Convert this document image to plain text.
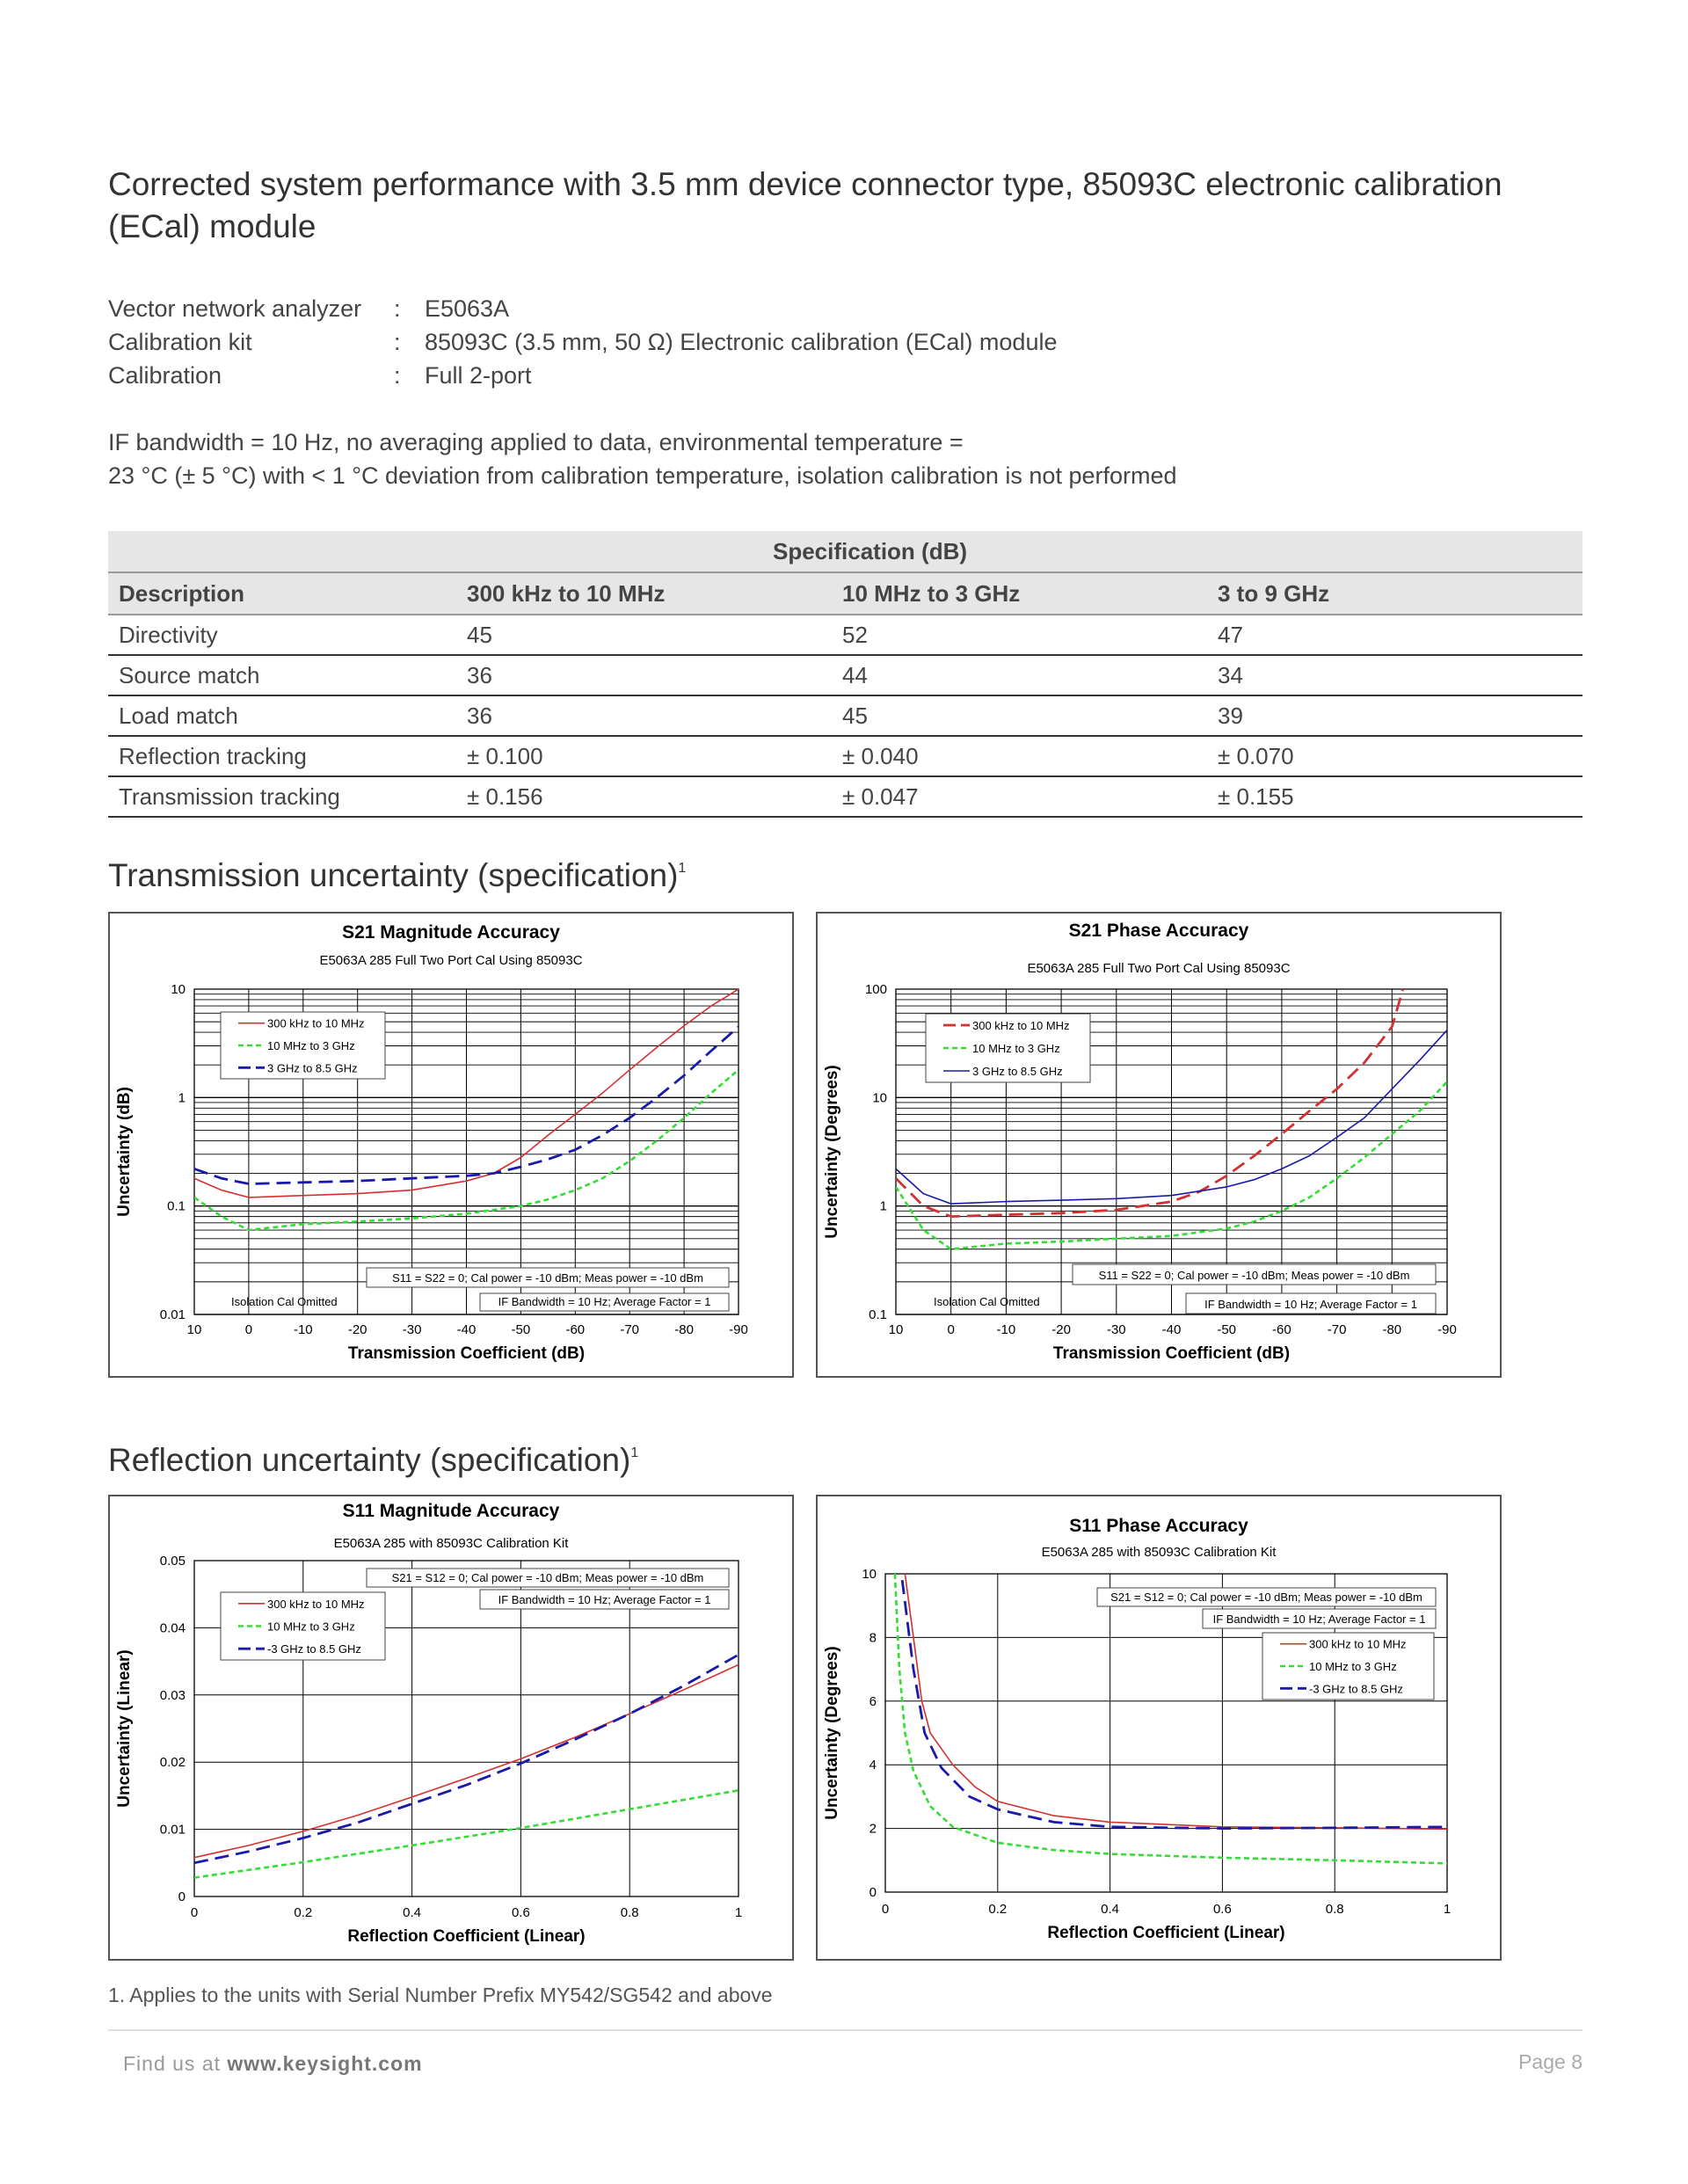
Corrected system performance with 3.5 mm device connector type, 85093C electronic calibration (ECal) module
Vector network analyzer	: E5063A
Calibration kit	: 85093C (3.5 mm, 50 Ω) Electronic calibration (ECal) module
Calibration	: Full 2-port
IF bandwidth = 10 Hz, no averaging applied to data, environmental temperature =
23 °C (± 5 °C) with < 1 °C deviation from calibration temperature, isolation calibration is not performed
	Specification (dB)		
Description	300 kHz to 10 MHz	10 MHz to 3 GHz	3 to 9 GHz
Directivity	45	52	47
Source match	36	44	34
Load match	36	45	39
Reflection tracking	± 0.100	± 0.040	± 0.070
Transmission tracking	± 0.156	± 0.047	± 0.155
Transmission uncertainty (specification)$^1$
10	0	-10	-20	-30	-40	-50	-60	-70	-80	-90
10
1
0.1
0.01
S21 Magnitude Accuracy
E5063A 285 Full Two Port Cal Using 85093C
Transmission Coefficient (dB)
Uncertainty (dB)
S11 = S22 = 0; Cal power = -10 dBm; Meas power = -10 dBm
IF Bandwidth = 10 Hz; Average Factor = 1
Isolation Cal Omitted
300 kHz to 10 MHz
10 MHz to 3 GHz
3 GHz to 8.5 GHz
10	0	-10	-20	-30	-40	-50	-60	-70	-80	-90
100
10
1
0.1
S21 Phase Accuracy
E5063A 285 Full Two Port Cal Using 85093C
Transmission Coefficient (dB)
Uncertainty (Degrees)
S11 = S22 = 0; Cal power = -10 dBm; Meas power = -10 dBm
IF Bandwidth = 10 Hz; Average Factor = 1
Isolation Cal Omitted
300 kHz to 10 MHz
10 MHz to 3 GHz
3 GHz to 8.5 GHz
Reflection uncertainty (specification)$^1$
0	0.2	0.4	0.6	0.8	1
0.05
0.04
0.03
0.02
0.01
0
S11 Magnitude Accuracy
E5063A 285 with 85093C Calibration Kit
Reflection Coefficient (Linear)
Uncertainty (Linear)
S21 = S12 = 0; Cal power = -10 dBm; Meas power = -10 dBm
IF Bandwidth = 10 Hz; Average Factor = 1
300 kHz to 10 MHz
10 MHz to 3 GHz
-3 GHz to 8.5 GHz
0	0.2	0.4	0.6	0.8	1
10
8
6
4
2
0
S11 Phase Accuracy
E5063A 285 with 85093C Calibration Kit
Reflection Coefficient (Linear)
Uncertainty (Degrees)
S21 = S12 = 0; Cal power = -10 dBm; Meas power = -10 dBm
IF Bandwidth = 10 Hz; Average Factor = 1
300 kHz to 10 MHz
10 MHz to 3 GHz
-3 GHz to 8.5 GHz
1. Applies to the units with Serial Number Prefix MY542/SG542 and above
Find us at www.keysight.com	Page 8
